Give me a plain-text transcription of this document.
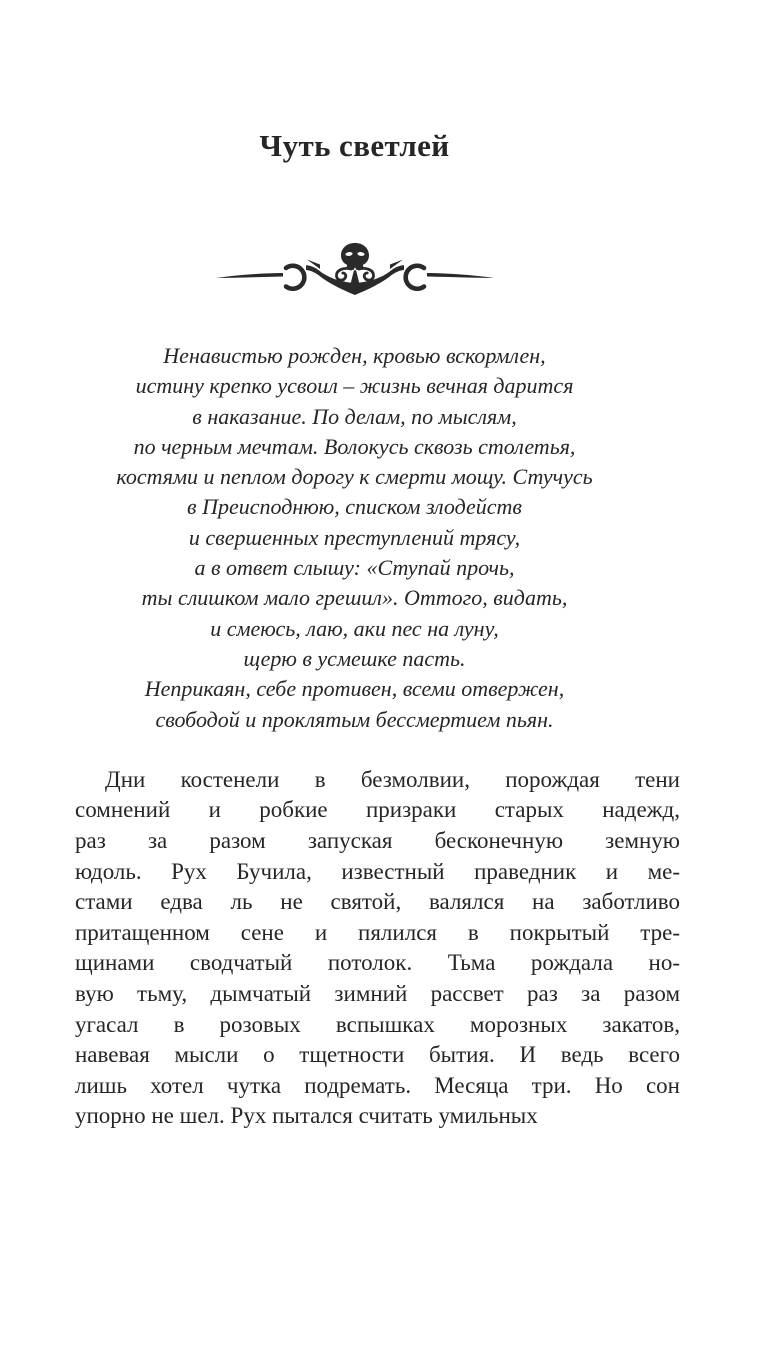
Чуть светлей
Ненавистью рожден, кровью вскормлен,
истину крепко усвоил – жизнь вечная дарится
в наказание. По делам, по мыслям,
по черным мечтам. Волокусь сквозь столетья,
костями и пеплом дорогу к смерти мощу. Стучусь
в Преисподнюю, списком злодейств
и свершенных преступлений трясу,
а в ответ слышу: «Ступай прочь,
ты слишком мало грешил». Оттого, видать,
и смеюсь, лаю, аки пес на луну,
щерю в усмешке пасть.
Неприкаян, себе противен, всеми отвержен,
свободой и проклятым бессмертием пьян.
Дни костенели в безмолвии, порождая тени
сомнений и робкие призраки старых надежд,
раз за разом запуская бесконечную земную
юдоль. Рух Бучила, известный праведник и ме-
стами едва ль не святой, валялся на заботливо
притащенном сене и пялился в покрытый тре-
щинами сводчатый потолок. Тьма рождала но-
вую тьму, дымчатый зимний рассвет раз за разом
угасал в розовых вспышках морозных закатов,
навевая мысли о тщетности бытия. И ведь всего
лишь хотел чутка подремать. Месяца три. Но сон
упорно не шел. Рух пытался считать умильных
